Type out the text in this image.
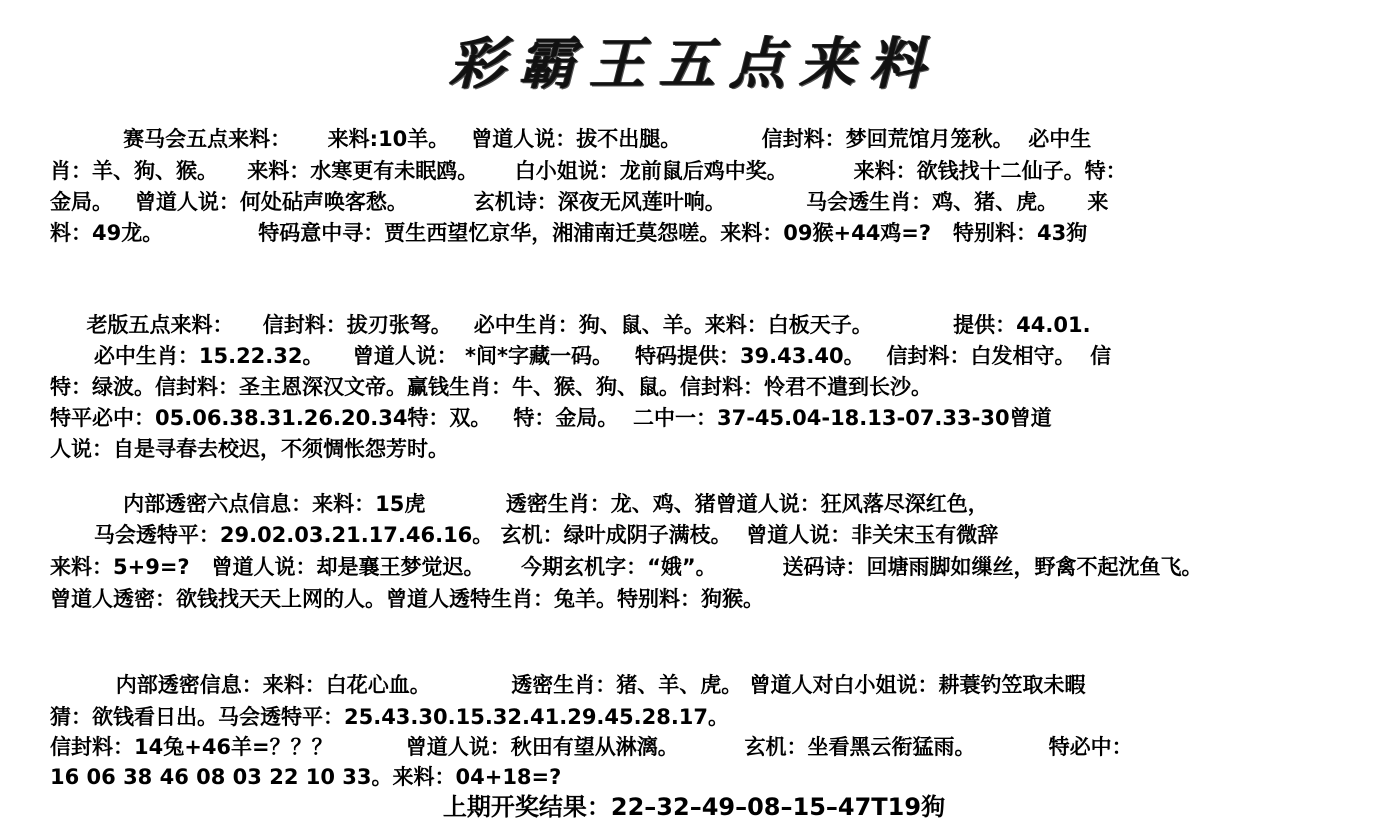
彩霸王五点来料
赛马会五点来料：     来料:10羊。   曾道人说：拔不出腿。           信封料：梦回荒馆月笼秋。  必中生
肖：羊、狗、猴。    来料：水寒更有未眠鸥。     白小姐说：龙前鼠后鸡中奖。         来料：欲钱找十二仙子。特：
金局。   曾道人说：何处砧声唤客愁。         玄机诗：深夜无风莲叶响。           马会透生肖：鸡、猪、虎。    来
料：49龙。             特码意中寻：贾生西望忆京华，湘浦南迁莫怨嗟。来料：09猴+44鸡=?   特别料：43狗
老版五点来料：    信封料：拔刃张弩。   必中生肖：狗、鼠、羊。来料：白板天子。           提供：44.01.
必中生肖：15.22.32。    曾道人说： *间*字藏一码。   特码提供：39.43.40。   信封料：白发相守。  信
特：绿波。信封料：圣主恩深汉文帝。赢钱生肖：牛、猴、狗、鼠。信封料：怜君不遣到长沙。
特平必中：05.06.38.31.26.20.34特：双。   特：金局。  二中一：37-45.04-18.13-07.33-30曾道
人说：自是寻春去校迟，不须惆怅怨芳时。
内部透密六点信息：来料：15虎           透密生肖：龙、鸡、猪曾道人说：狂风落尽深红色，
马会透特平：29.02.03.21.17.46.16。 玄机：绿叶成阴子满枝。  曾道人说：非关宋玉有微辞
来料：5+9=?   曾道人说：却是襄王梦觉迟。     今期玄机字：“娥”。         送码诗：回塘雨脚如缫丝，野禽不起沈鱼飞。
曾道人透密：欲钱找天天上网的人。曾道人透特生肖：兔羊。特别料：狗猴。
内部透密信息：来料：白花心血。           透密生肖：猪、羊、虎。 曾道人对白小姐说：耕蓑钓笠取未暇
猜：欲钱看日出。马会透特平：25.43.30.15.32.41.29.45.28.17。
信封料：14兔+46羊=？？？          曾道人说：秋田有望从淋漓。         玄机：坐看黑云衔猛雨。          特必中：
16 06 38 46 08 03 22 10 33。来料：04+18=?
上期开奖结果：22–32–49–08–15–47T19狗
